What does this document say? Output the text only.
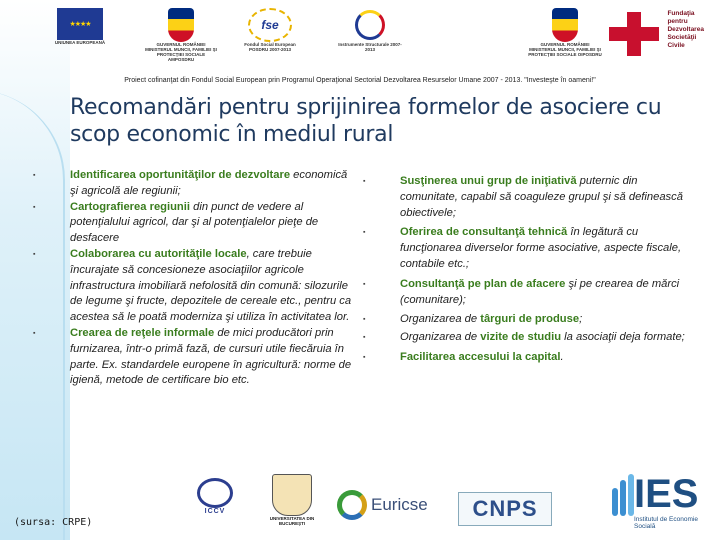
★★★★
UNIUNEA EUROPEANĂ	GUVERNUL ROMÂNIEI MINISTERUL MUNCII, FAMILIEI ŞI PROTECŢIEI SOCIALE AMPOSDRU
fse
Fondul Social European POSDRU 2007-2013
Instrumente Structurale 2007-2013
GUVERNUL ROMÂNIEI MINISTERUL MUNCII, FAMILIEI ŞI PROTECŢIEI SOCIALE OIPOSDRU
Fundaţia pentru Dezvoltarea Societăţii Civile
Proiect cofinanţat din Fondul Social European prin Programul Operaţional Sectorial Dezvoltarea Resurselor Umane 2007 - 2013. "Investeşte în oameni!"
Recomandări pentru sprijinirea formelor de asociere cu scop economic în mediul rural
▪	Identificarea oportunităţilor de dezvoltare economică şi agricolă ale regiunii;
▪	Cartografierea regiunii din punct de vedere al potenţialului agricol, dar şi al potenţialelor pieţe de desfacere
▪	Colaborarea cu autorităţile locale, care trebuie încurajate să concesioneze asociaţiilor agricole infrastructura imobiliară nefolosită din comună: silozurile de legume şi fructe, depozitele de cereale etc., pentru ca acestea să le poată moderniza şi utiliza în activitatea lor.
▪	Crearea de reţele informale de mici producători prin furnizarea, într-o primă fază, de cursuri utile fiecăruia în parte. Ex. standardele europene în agricultură: norme de igienă, metode de certificare bio etc.
▪	Susţinerea unui grup de iniţiativă puternic din comunitate, capabil să coaguleze grupul şi să definească obiectivele;
▪	Oferirea de consultanţă tehnică în legătură cu funcţionarea diverselor forme asociative, aspecte fiscale, contabile etc.;
▪	Consultanţă pe plan de afacere şi pe crearea de mărci (comunitare);
▪	Organizarea de târguri de produse;
▪	Organizarea de vizite de studiu la asociaţii deja formate;
▪	Facilitarea accesului la capital.
(sursa: CRPE)
ICCV
UNIVERSITATEA DIN BUCUREŞTI
Euricse	CNPS	IES
Institutul de Economie Socială
